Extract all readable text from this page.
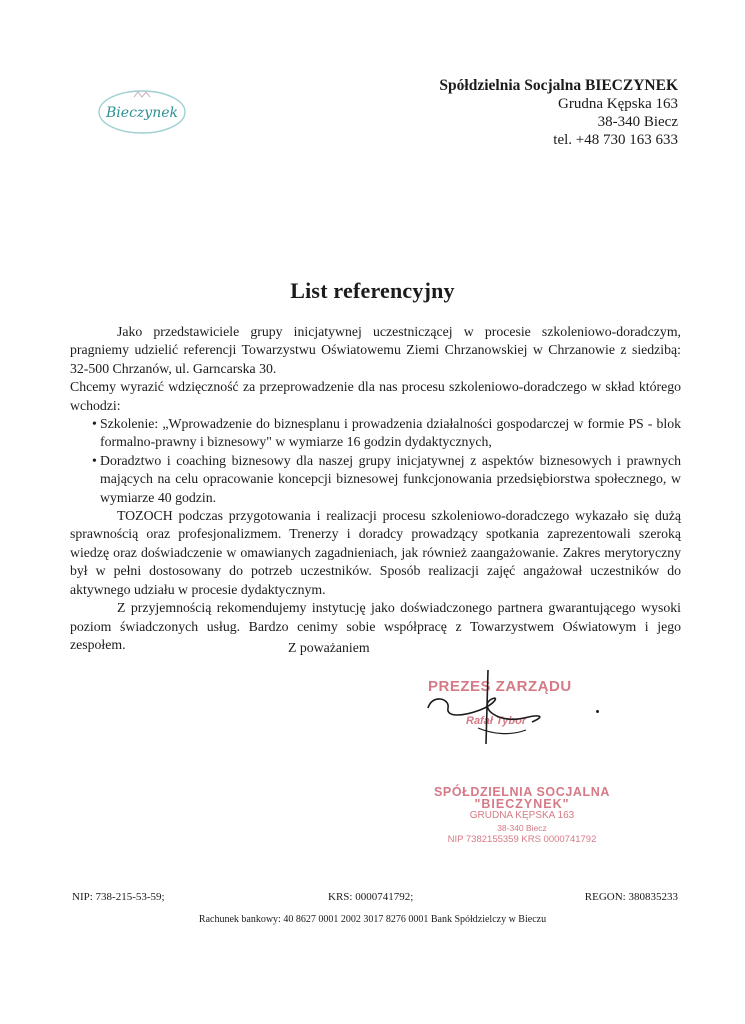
Bieczynek
Spółdzielnia Socjalna BIECZYNEK
Grudna Kępska 163
38-340 Biecz
tel. +48 730 163 633
List referencyjny

Jako przedstawiciele grupy inicjatywnej uczestniczącej w procesie szkoleniowo-doradczym, pragniemy udzielić referencji Towarzystwu Oświatowemu Ziemi Chrzanowskiej w Chrzanowie z siedzibą: 32-500 Chrzanów, ul. Garncarska 30.

Chcemy wyrazić wdzięczność za przeprowadzenie dla nas procesu szkoleniowo-doradczego w skład którego wchodzi:

• Szkolenie: „Wprowadzenie do biznesplanu i prowadzenia działalności gospodarczej w formie PS - blok formalno-prawny i biznesowy" w wymiarze 16 godzin dydaktycznych,
• Doradztwo i coaching biznesowy dla naszej grupy inicjatywnej z aspektów biznesowych i prawnych mających na celu opracowanie koncepcji biznesowej funkcjonowania przedsiębiorstwa społecznego, w wymiarze 40 godzin.

TOZOCH podczas przygotowania i realizacji procesu szkoleniowo-doradczego wykazało się dużą sprawnością oraz profesjonalizmem. Trenerzy i doradcy prowadzący spotkania zaprezentowali szeroką wiedzę oraz doświadczenie w omawianych zagadnieniach, jak również zaangażowanie. Zakres merytoryczny był w pełni dostosowany do potrzeb uczestników. Sposób realizacji zajęć angażował uczestników do aktywnego udziału w procesie dydaktycznym.

Z przyjemnością rekomendujemy instytucję jako doświadczonego partnera gwarantującego wysoki poziom świadczonych usług. Bardzo cenimy sobie współpracę z Towarzystwem Oświatowym i jego zespołem.	Z poważaniem
PREZES ZARZĄDU
Rafał Tybor
SPÓŁDZIELNIA SOCJALNA
"BIECZYNEK"
GRUDNA KĘPSKA 163
38-340 Biecz
NIP 7382155359 KRS 0000741792
NIP: 738-215-53-59;	KRS: 0000741792;	REGON: 380835233
Rachunek bankowy: 40 8627 0001 2002 3017 8276 0001 Bank Spółdzielczy w Bieczu
